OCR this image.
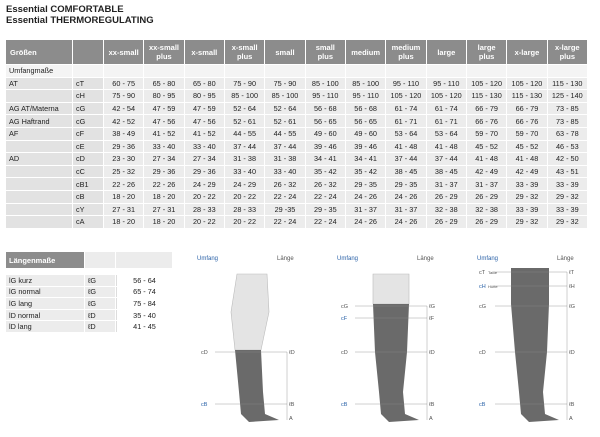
Essential COMFORTABLE
Essential THERMOREGULATING
Größen		xx-small	xx-small plus	x-small	x-small plus	small	small plus	medium	medium plus	large	large plus	x-large	x-large plus
Umfangmaße													
AT	cT	60 - 75	65 - 80	65 - 80	75 - 90	75 - 90	85 - 100	85 - 100	95 - 110	95 - 110	105 - 120	105 - 120	115 - 130
	cH	75 - 90	80 - 95	80 - 95	85 - 100	85 - 100	95 - 110	95 - 110	105 - 120	105 - 120	115 - 130	115 - 130	125 - 140
AG AT/Materna	cG	42 - 54	47 - 59	47 - 59	52 - 64	52 - 64	56 - 68	56 - 68	61 - 74	61 - 74	66 - 79	66 - 79	73 - 85
AG Haftrand	cG	42 - 52	47 - 56	47 - 56	52 - 61	52 - 61	56 - 65	56 - 65	61 - 71	61 - 71	66 - 76	66 - 76	73 - 85
AF	cF	38 - 49	41 - 52	41 - 52	44 - 55	44 - 55	49 - 60	49 - 60	53 - 64	53 - 64	59 - 70	59 - 70	63 - 78
	cE	29 - 36	33 - 40	33 - 40	37 - 44	37 - 44	39 - 46	39 - 46	41 - 48	41 - 48	45 - 52	45 - 52	46 - 53
AD	cD	23 - 30	27 - 34	27 - 34	31 - 38	31 - 38	34 - 41	34 - 41	37 - 44	37 - 44	41 - 48	41 - 48	42 - 50
	cC	25 - 32	29 - 36	29 - 36	33 - 40	33 - 40	35 - 42	35 - 42	38 - 45	38 - 45	42 - 49	42 - 49	43 - 51
	cB1	22 - 26	22 - 26	24 - 29	24 - 29	26 - 32	26 - 32	29 - 35	29 - 35	31 - 37	31 - 37	33 - 39	33 - 39
	cB	18 - 20	18 - 20	20 - 22	20 - 22	22 - 24	22 - 24	24 - 26	24 - 26	26 - 29	26 - 29	29 - 32	29 - 32
	cY	27 - 31	27 - 31	28 - 33	28 - 33	29 -35	29 - 35	31 - 37	31 - 37	32 - 38	32 - 38	33 - 39	33 - 39
	cA	18 - 20	18 - 20	20 - 22	20 - 22	22 - 24	22 - 24	24 - 26	24 - 26	26 - 29	26 - 29	29 - 32	29 - 32
Längenmaße		

lG kurz	ℓG	56 - 64
lG normal	ℓG	65 - 74
lG lang	ℓG	75 - 84
lD normal	ℓD	35 - 40
lD lang	ℓD	41 - 45
Umfang	Länge
cD
cB
ℓD
ℓB
A
Umfang	Länge
cG
cF
cD
cB
ℓG
ℓF
ℓD
ℓB
A
Umfang	Länge
cT Taille
cH Hüfte
cG
cD
cB
ℓT
ℓH
ℓG
ℓD
ℓB
A
